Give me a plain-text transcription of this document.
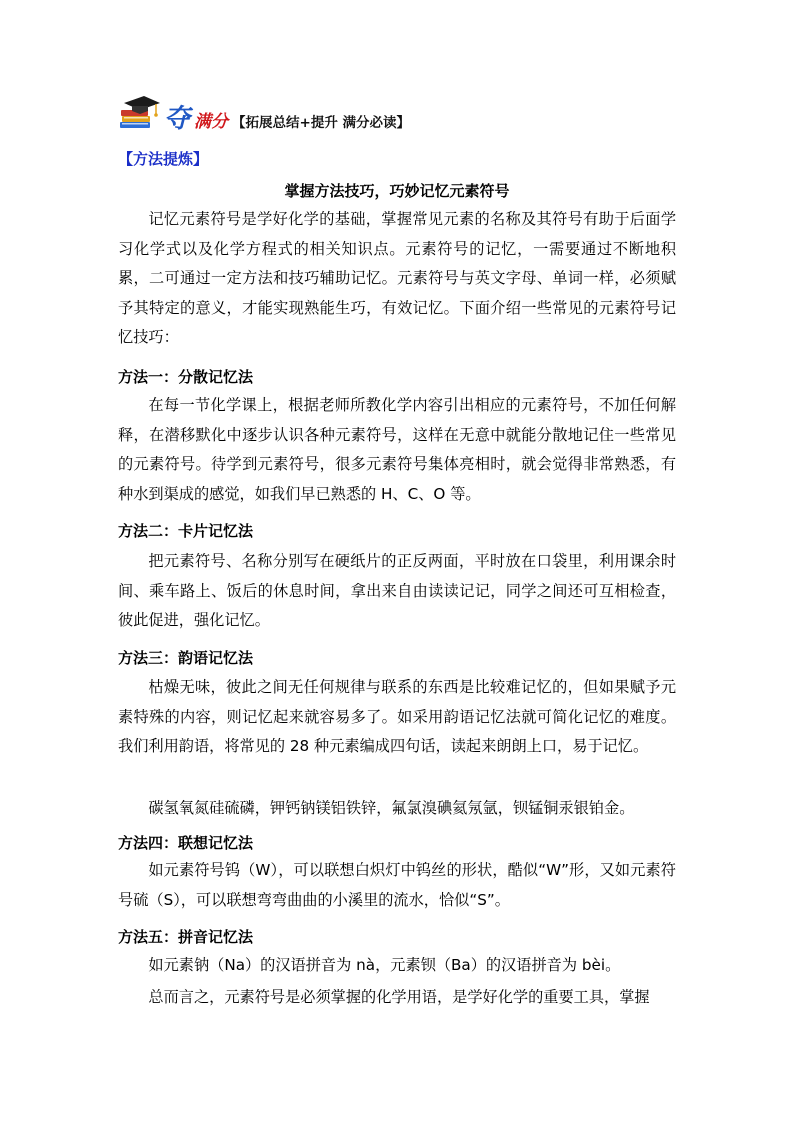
夺 满分 【拓展总结+提升 满分必读】
【方法提炼】
掌握方法技巧，巧妙记忆元素符号
记忆元素符号是学好化学的基础，掌握常见元素的名称及其符号有助于后面学习化学式以及化学方程式的相关知识点。元素符号的记忆，一需要通过不断地积累，二可通过一定方法和技巧辅助记忆。元素符号与英文字母、单词一样，必须赋予其特定的意义，才能实现熟能生巧，有效记忆。下面介绍一些常见的元素符号记忆技巧：
方法一：分散记忆法
在每一节化学课上，根据老师所教化学内容引出相应的元素符号，不加任何解释，在潜移默化中逐步认识各种元素符号，这样在无意中就能分散地记住一些常见的元素符号。待学到元素符号，很多元素符号集体亮相时，就会觉得非常熟悉，有种水到渠成的感觉，如我们早已熟悉的 H、C、O 等。
方法二：卡片记忆法
把元素符号、名称分别写在硬纸片的正反两面，平时放在口袋里，利用课余时间、乘车路上、饭后的休息时间，拿出来自由读读记记，同学之间还可互相检查，彼此促进，强化记忆。
方法三：韵语记忆法
枯燥无味，彼此之间无任何规律与联系的东西是比较难记忆的，但如果赋予元素特殊的内容，则记忆起来就容易多了。如采用韵语记忆法就可简化记忆的难度。我们利用韵语，将常见的 28 种元素编成四句话，读起来朗朗上口，易于记忆。
碳氢氧氮硅硫磷，钾钙钠镁铝铁锌，氟氯溴碘氦氖氩，钡锰铜汞银铂金。
方法四：联想记忆法
如元素符号钨（W），可以联想白炽灯中钨丝的形状，酷似“W”形，又如元素符号硫（S），可以联想弯弯曲曲的小溪里的流水，恰似“S”。
方法五：拼音记忆法
如元素钠（Na）的汉语拼音为 nà，元素钡（Ba）的汉语拼音为 bèi。
总而言之，元素符号是必须掌握的化学用语，是学好化学的重要工具，掌握
